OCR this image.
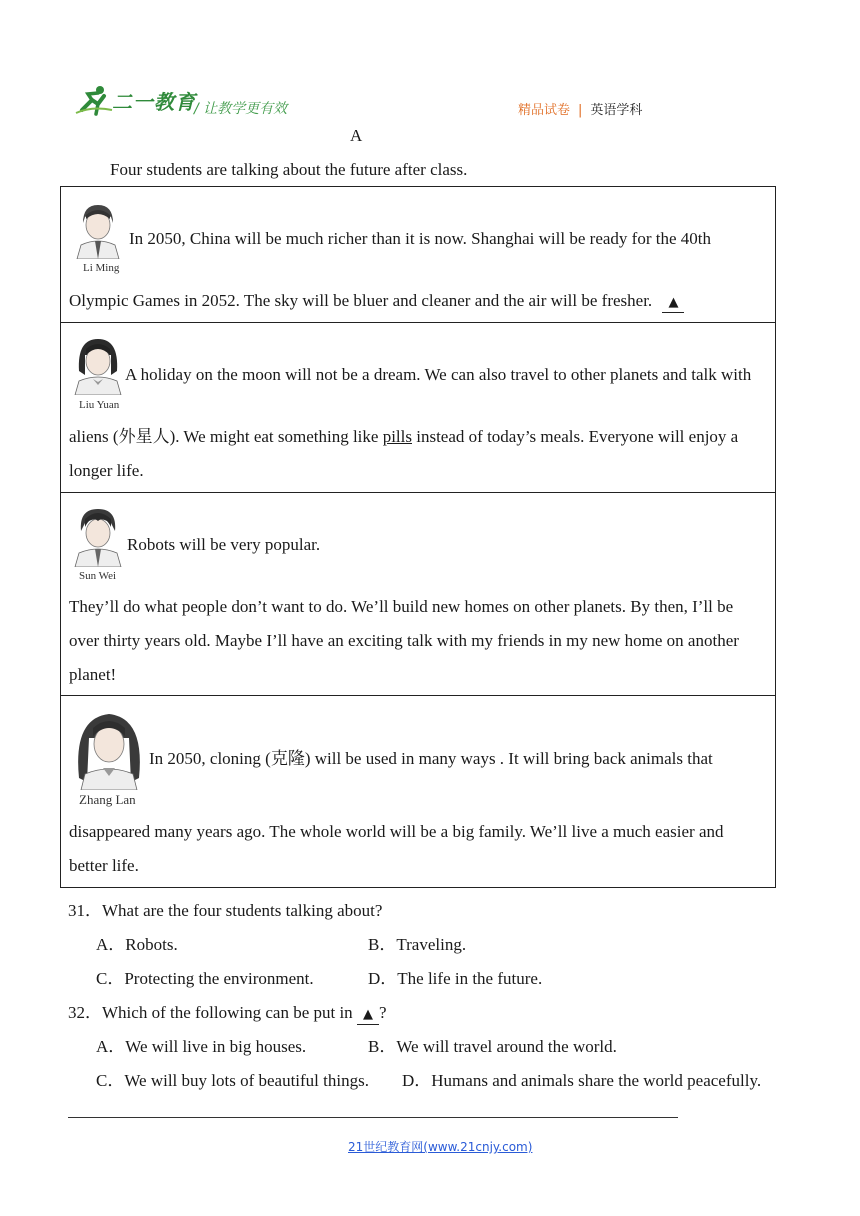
二一教育
/ 让教学更有效	精品试卷 | 英语学科
A
Four students are talking about the future after class.
Li Ming
In 2050, China will be much richer than it is now. Shanghai will be ready for the 40th
Olympic Games in 2052. The sky will be bluer and cleaner and the air will be fresher. ▲
Liu Yuan
A holiday on the moon will not be a dream. We can also travel to other planets and talk with
aliens (外星人). We might eat something like pills instead of today’s meals. Everyone will enjoy a
longer life.
Sun Wei
Robots will be very popular.
They’ll do what people don’t want to do. We’ll build new homes on other planets. By then, I’ll be
over thirty years old. Maybe I’ll have an exciting talk with my friends in my new home on another
planet!
Zhang Lan
In 2050, cloning (克隆) will be used in many ways . It will bring back animals that
disappeared many years ago. The whole world will be a big family. We’ll live a much easier and
better life.
31．What are the four students talking about?
A．Robots.	B．Traveling.
C．Protecting the environment.	D．The life in the future.
32．Which of the following can be put in ▲ ?
A．We will live in big houses.	B．We will travel around the world.
C．We will buy lots of beautiful things. D．Humans and animals share the world peacefully.
21世纪教育网(www.21cnjy.com)
